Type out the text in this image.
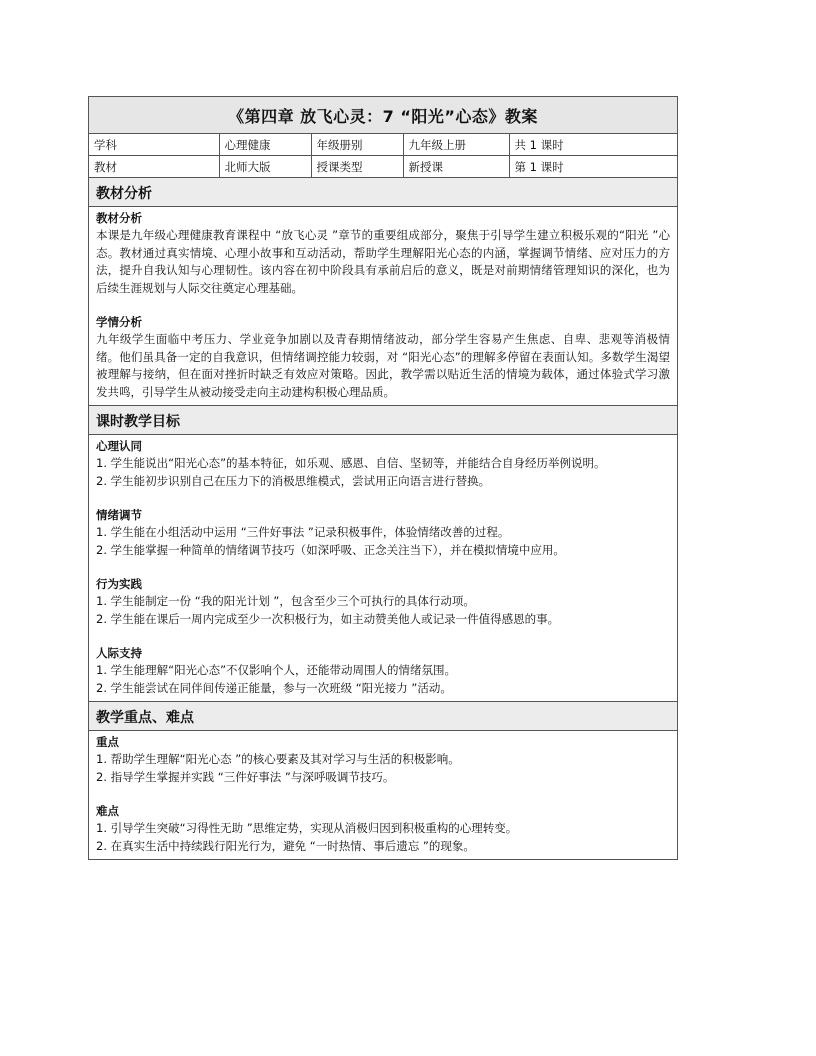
《第四章 放飞心灵：7 “阳光”心态》教案
学科	心理健康	年级册别	九年级上册	共 1 课时
教材	北师大版	授课类型	新授课	第 1 课时
教材分析
教材分析
本课是九年级心理健康教育课程中 “放飞心灵 ”章节的重要组成部分，聚焦于引导学生建立积极乐观的“阳光 ”心态。教材通过真实情境、心理小故事和互动活动，帮助学生理解阳光心态的内涵，掌握调节情绪、应对压力的方法，提升自我认知与心理韧性。该内容在初中阶段具有承前启后的意义，既是对前期情绪管理知识的深化，也为后续生涯规划与人际交往奠定心理基础。
学情分析
九年级学生面临中考压力、学业竞争加剧以及青春期情绪波动，部分学生容易产生焦虑、自卑、悲观等消极情绪。他们虽具备一定的自我意识，但情绪调控能力较弱，对 “阳光心态”的理解多停留在表面认知。多数学生渴望被理解与接纳，但在面对挫折时缺乏有效应对策略。因此，教学需以贴近生活的情境为载体，通过体验式学习激发共鸣，引导学生从被动接受走向主动建构积极心理品质。
课时教学目标
心理认同
1. 学生能说出“阳光心态”的基本特征，如乐观、感恩、自信、坚韧等，并能结合自身经历举例说明。
2. 学生能初步识别自己在压力下的消极思维模式，尝试用正向语言进行替换。
情绪调节
1. 学生能在小组活动中运用 “三件好事法 ”记录积极事件，体验情绪改善的过程。
2. 学生能掌握一种简单的情绪调节技巧（如深呼吸、正念关注当下），并在模拟情境中应用。
行为实践
1. 学生能制定一份 “我的阳光计划 ”，包含至少三个可执行的具体行动项。
2. 学生能在课后一周内完成至少一次积极行为，如主动赞美他人或记录一件值得感恩的事。
人际支持
1. 学生能理解“阳光心态”不仅影响个人，还能带动周围人的情绪氛围。
2. 学生能尝试在同伴间传递正能量，参与一次班级 “阳光接力 ”活动。
教学重点、难点
重点
1. 帮助学生理解“阳光心态 ”的核心要素及其对学习与生活的积极影响。
2. 指导学生掌握并实践 “三件好事法 ”与深呼吸调节技巧。
难点
1. 引导学生突破“习得性无助 ”思维定势，实现从消极归因到积极重构的心理转变。
2. 在真实生活中持续践行阳光行为，避免 “一时热情、事后遗忘 ”的现象。
